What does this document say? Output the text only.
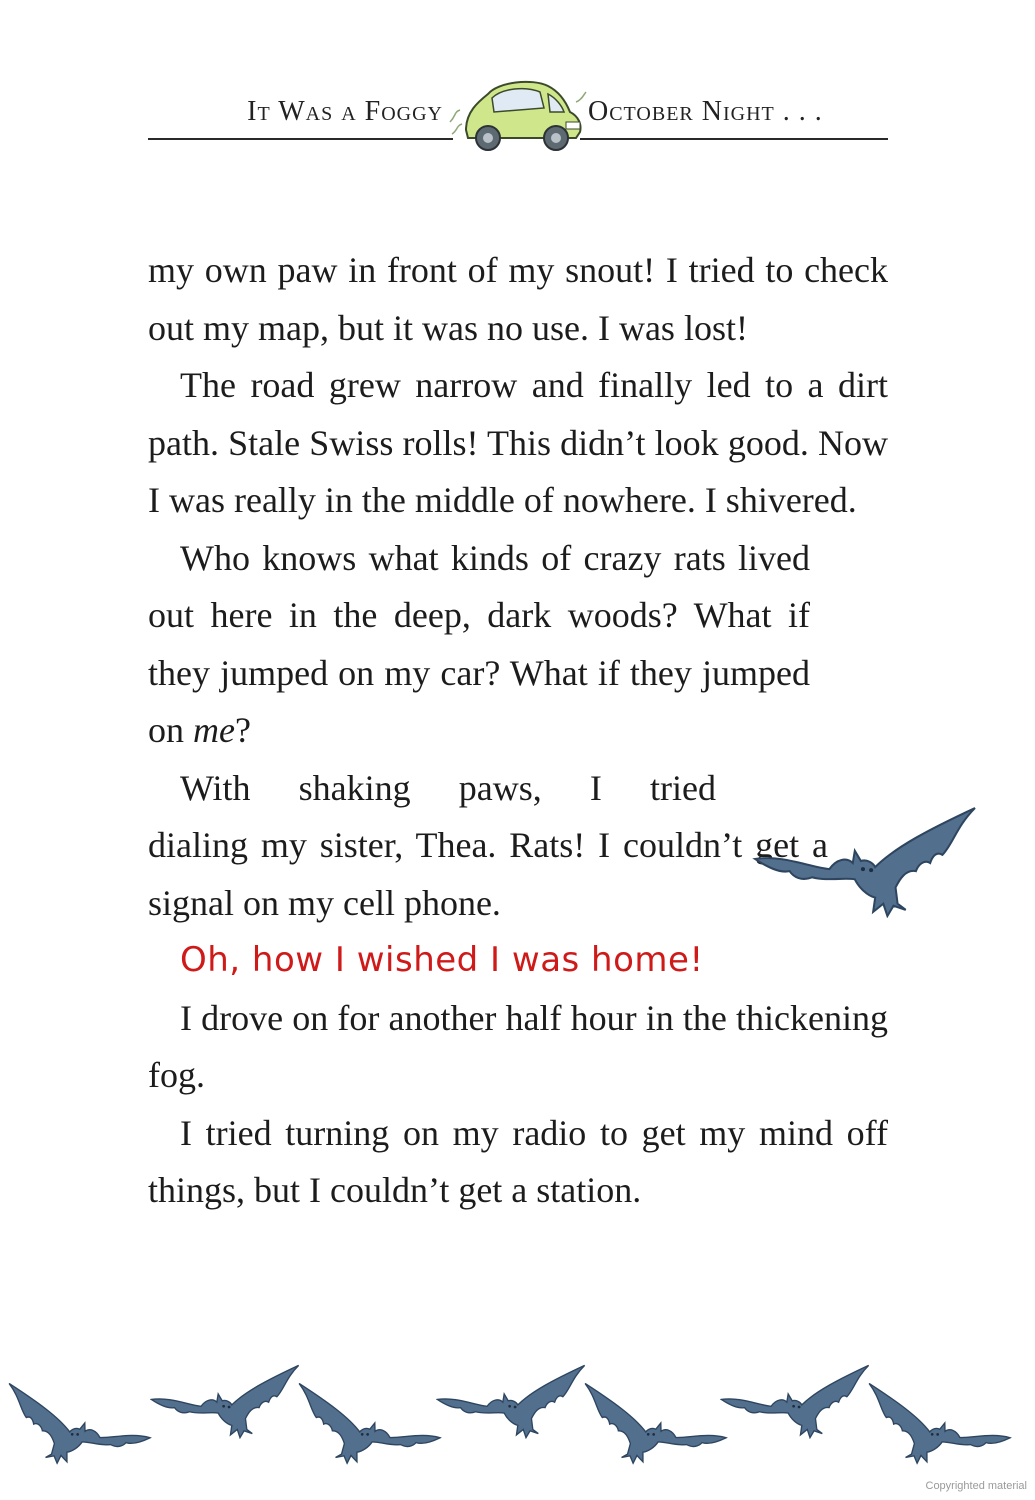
It Was a Foggy	October Night . . .

my own paw in front of my snout! I tried to check out my map, but it was no use. I was lost!

The road grew narrow and finally led to a dirt path. Stale Swiss rolls! This didn’t look good. Now I was really in the middle of nowhere. I shivered.

Who knows what kinds of crazy rats lived out here in the deep, dark woods? What if they jumped on my car? What if they jumped on me?

With shaking paws, I tried

dialing my sister, Thea. Rats! I couldn’t get a signal on my cell phone.

Oh, how I wished I was home!

I drove on for another half hour in the thickening fog.

I tried turning on my radio to get my mind off things, but I couldn’t get a station.

Copyrighted material
